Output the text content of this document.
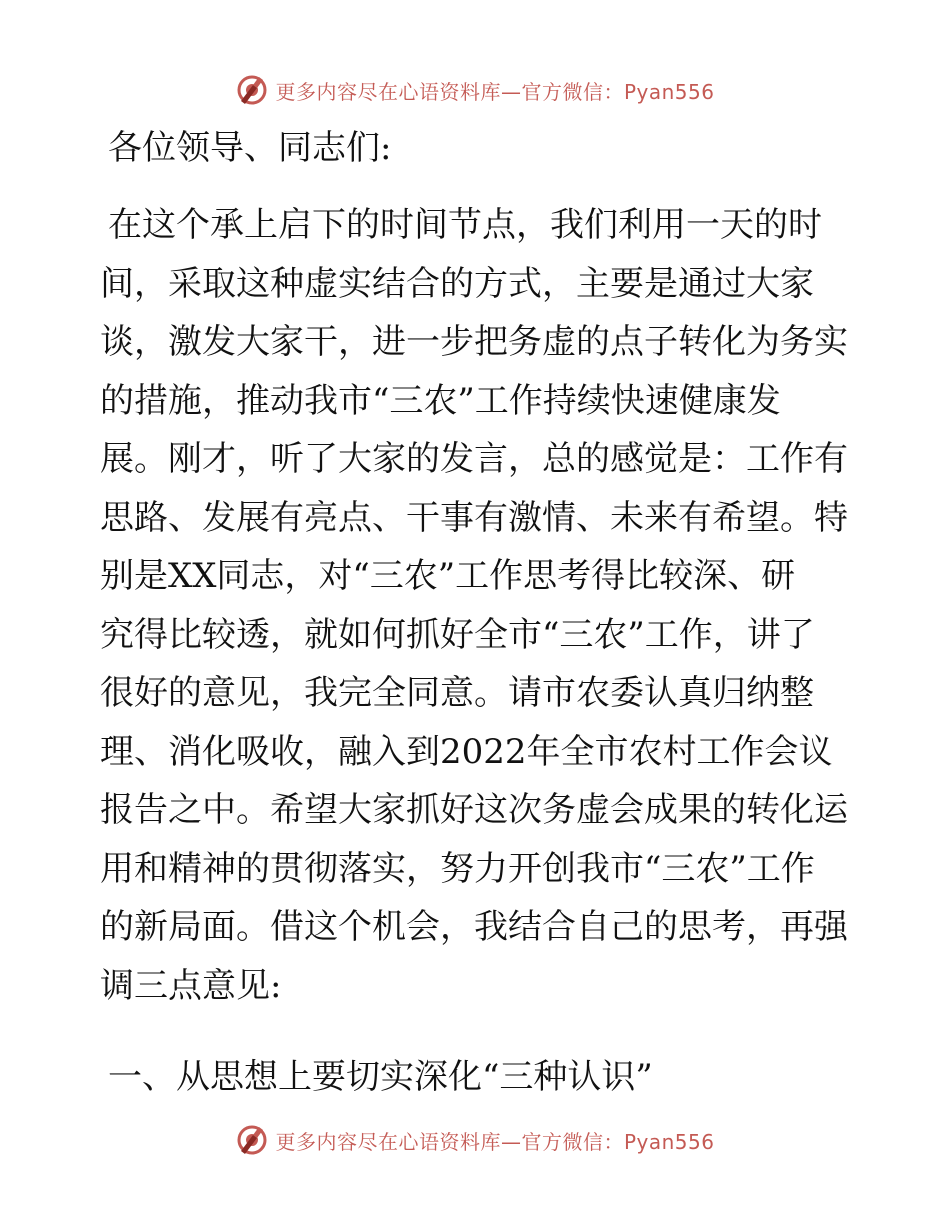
更多内容尽在心语资料库—官方微信：Pyan556
各位领导、同志们:
在这个承上启下的时间节点，我们利用一天的时
间，采取这种虚实结合的方式，主要是通过大家
谈，激发大家干，进一步把务虚的点子转化为务实
的措施，推动我市“三农”工作持续快速健康发
展。刚才，听了大家的发言，总的感觉是：工作有
思路、发展有亮点、干事有激情、未来有希望。特
别是XX同志，对“三农”工作思考得比较深、研
究得比较透，就如何抓好全市“三农”工作，讲了
很好的意见，我完全同意。请市农委认真归纳整
理、消化吸收，融入到2022年全市农村工作会议
报告之中。希望大家抓好这次务虚会成果的转化运
用和精神的贯彻落实，努力开创我市“三农”工作
的新局面。借这个机会，我结合自己的思考，再强
调三点意见:
一、从思想上要切实深化“三种认识”
更多内容尽在心语资料库—官方微信：Pyan556
